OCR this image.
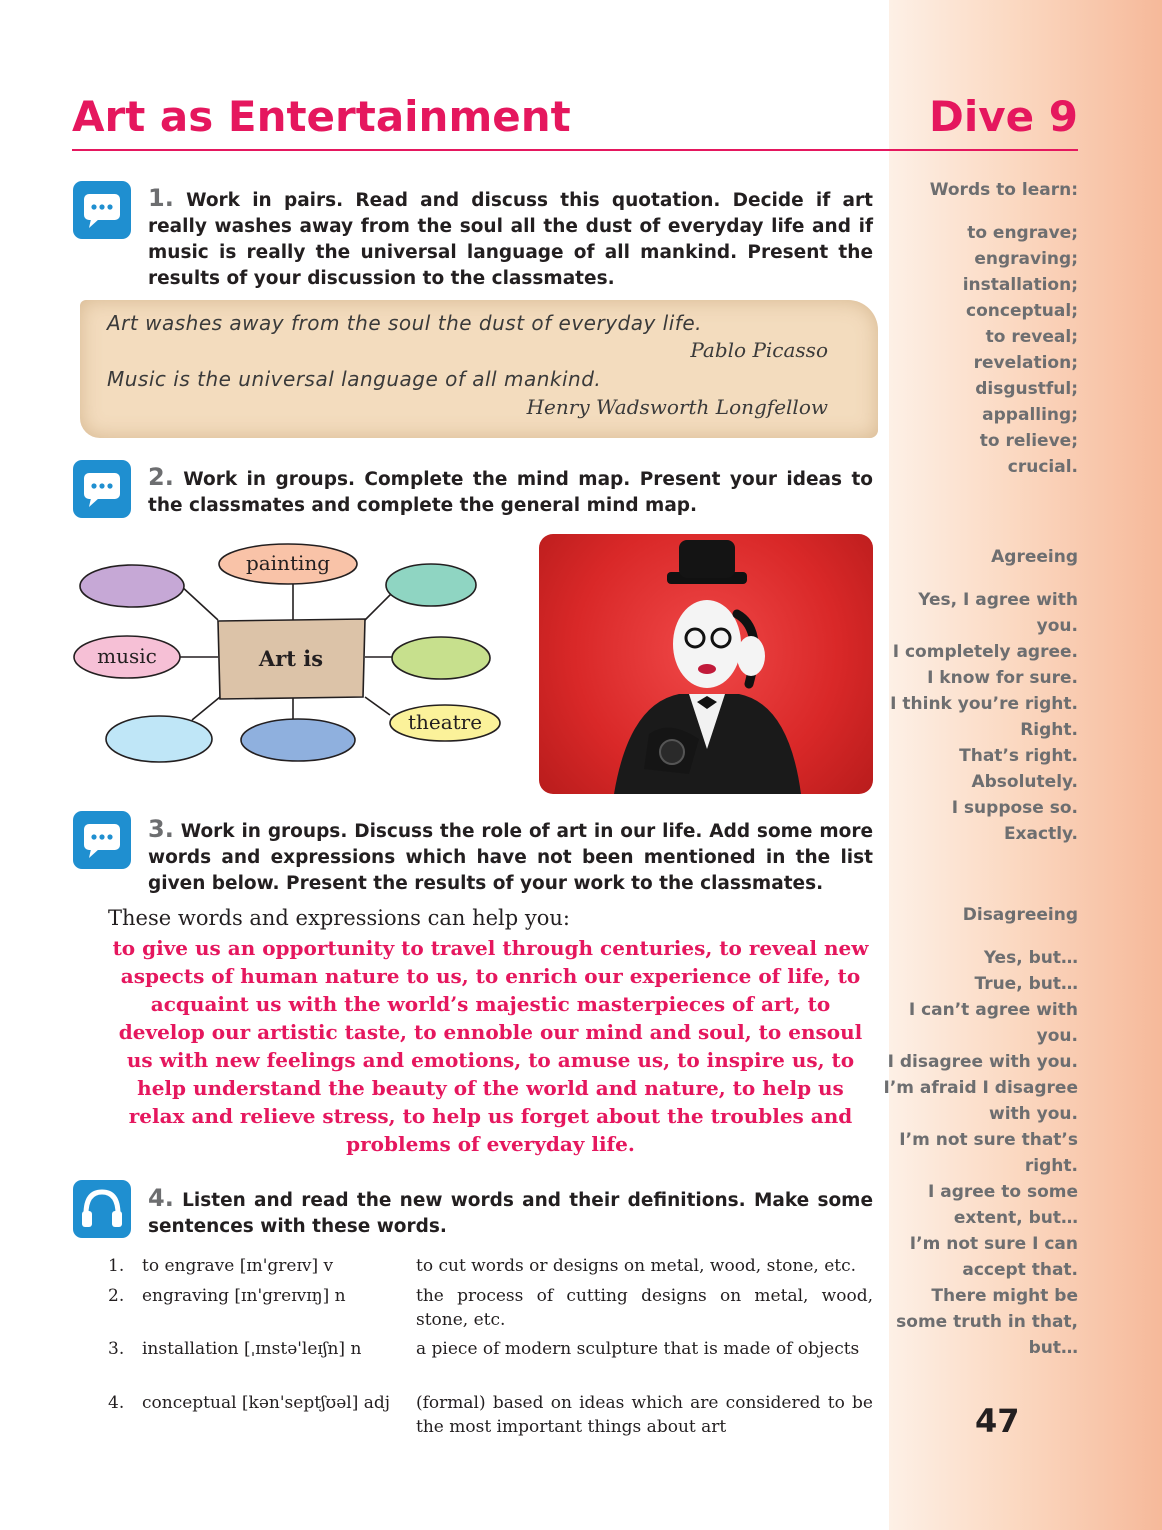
Art as Entertainment	Dive 9
1. Work in pairs. Read and discuss this quotation. Decide if art really washes away from the soul all the dust of everyday life and if music is really the universal language of all mankind. Present the results of your discussion to the classmates.
Art washes away from the soul the dust of everyday life.
Pablo Picasso
Music is the universal language of all mankind.
Henry Wadsworth Longfellow
2. Work in groups. Complete the mind map. Present your ideas to the classmates and complete the general mind map.
painting
music	Art is
theatre
3. Work in groups. Discuss the role of art in our life. Add some more words and expressions which have not been mentioned in the list given below. Present the results of your work to the classmates.
These words and expressions can help you:
to give us an opportunity to travel through centuries, to reveal new aspects of human nature to us, to enrich our experience of life, to acquaint us with the world’s majestic masterpieces of art, to develop our artistic taste, to ennoble our mind and soul, to ensoul us with new feelings and emotions, to amuse us, to inspire us, to help understand the beauty of the world and nature, to help us relax and relieve stress, to help us forget about the troubles and problems of everyday life.
4. Listen and read the new words and their definitions. Make some sentences with these words.
1.	to engrave [ɪn'greɪv] v	to cut words or designs on metal, wood, stone, etc.
2.	engraving [ɪn'greɪvɪŋ] n	the process of cutting designs on metal, wood, stone, etc.
3.	installation [ˌɪnstə'leɪʃn] n	a piece of modern sculpture that is made of objects
4.	conceptual [kən'septʃʊəl] adj	(formal) based on ideas which are considered to be the most important things about art
Words to learn:
to engrave;
engraving;
installation;
conceptual;
to reveal;
revelation;
disgustful;
appalling;
to relieve;
crucial.
Agreeing
Yes, I agree with
you.
I completely agree.
I know for sure.
I think you’re right.
Right.
That’s right.
Absolutely.
I suppose so.
Exactly.
Disagreeing
Yes, but…
True, but…
I can’t agree with
you.
I disagree with you.
I’m afraid I disagree
with you.
I’m not sure that’s
right.
I agree to some
extent, but…
I’m not sure I can
accept that.
There might be
some truth in that,
but…
47
